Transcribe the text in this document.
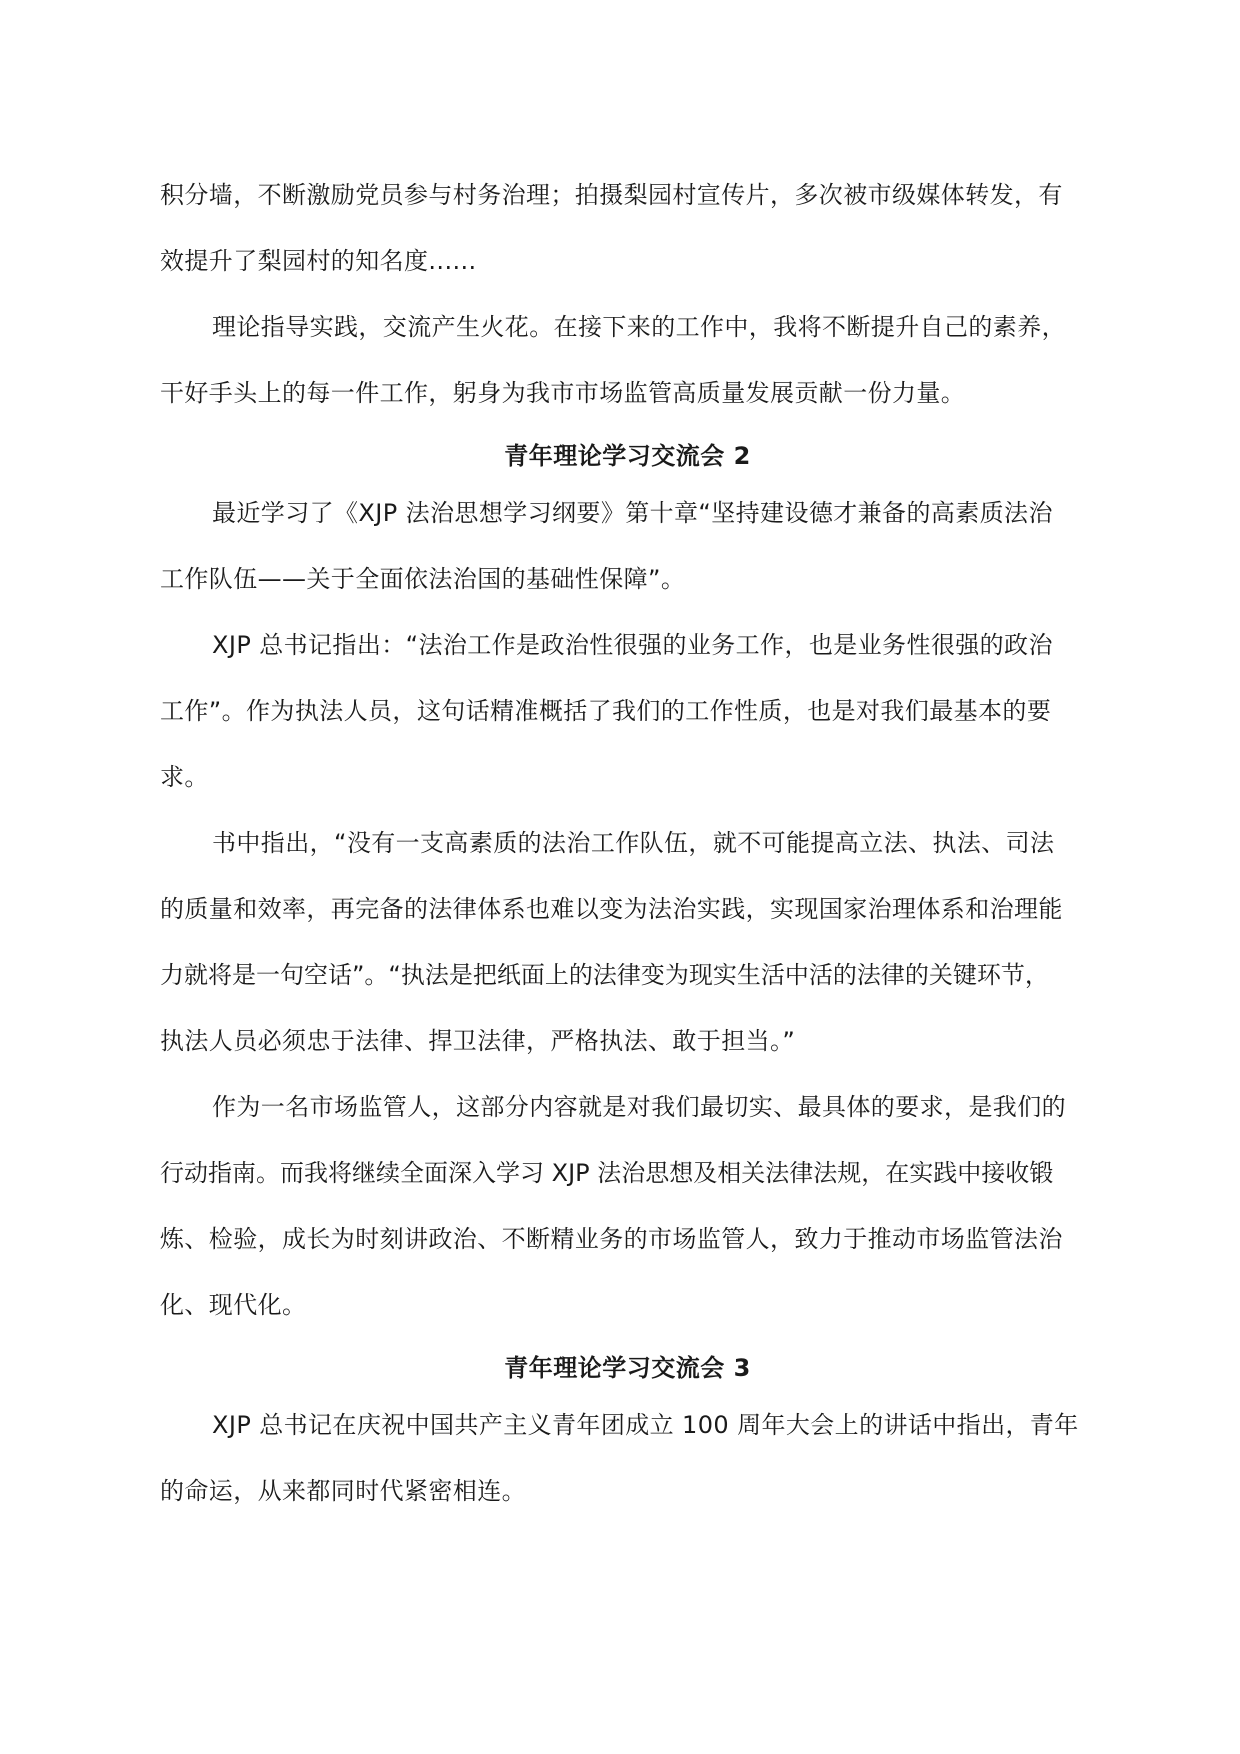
积分墙，不断激励党员参与村务治理；拍摄梨园村宣传片，多次被市级媒体转发，有

效提升了梨园村的知名度......

理论指导实践，交流产生火花。在接下来的工作中，我将不断提升自己的素养，

干好手头上的每一件工作，躬身为我市市场监管高质量发展贡献一份力量。

青年理论学习交流会 2

最近学习了《XJP 法治思想学习纲要》第十章“坚持建设德才兼备的高素质法治

工作队伍——关于全面依法治国的基础性保障”。

XJP 总书记指出：“法治工作是政治性很强的业务工作，也是业务性很强的政治

工作”。作为执法人员，这句话精准概括了我们的工作性质，也是对我们最基本的要

求。

书中指出，“没有一支高素质的法治工作队伍，就不可能提高立法、执法、司法

的质量和效率，再完备的法律体系也难以变为法治实践，实现国家治理体系和治理能

力就将是一句空话”。“执法是把纸面上的法律变为现实生活中活的法律的关键环节，

执法人员必须忠于法律、捍卫法律，严格执法、敢于担当。”

作为一名市场监管人，这部分内容就是对我们最切实、最具体的要求，是我们的

行动指南。而我将继续全面深入学习 XJP 法治思想及相关法律法规，在实践中接收锻

炼、检验，成长为时刻讲政治、不断精业务的市场监管人，致力于推动市场监管法治

化、现代化。

青年理论学习交流会 3

XJP 总书记在庆祝中国共产主义青年团成立 100 周年大会上的讲话中指出，青年

的命运，从来都同时代紧密相连。
